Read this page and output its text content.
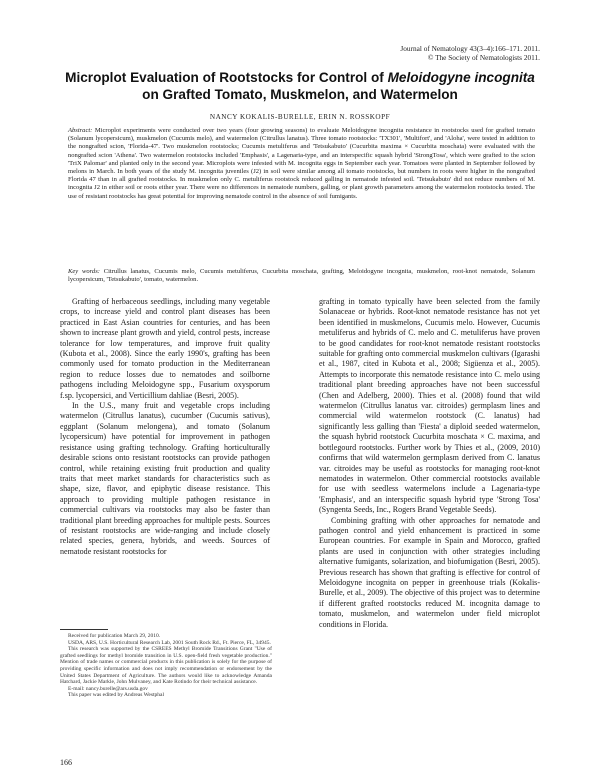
Journal of Nematology 43(3–4):166–171. 2011.
© The Society of Nematologists 2011.
Microplot Evaluation of Rootstocks for Control of Meloidogyne incognita
on Grafted Tomato, Muskmelon, and Watermelon
NANCY KOKALIS-BURELLE, ERIN N. ROSSKOPF
Abstract: Microplot experiments were conducted over two years (four growing seasons) to evaluate Meloidogyne incognita resistance in rootstocks used for grafted tomato (Solanum lycopersicum), muskmelon (Cucumis melo), and watermelon (Citrullus lanatus). Three tomato rootstocks: 'TX301', 'Multifort', and 'Aloha', were tested in addition to the nongrafted scion, 'Florida-47'. Two muskmelon rootstocks; Cucumis metuliferus and 'Tetsukabuto' (Cucurbita maxima × Cucurbita moschata) were evaluated with the nongrafted scion 'Athena'. Two watermelon rootstocks included 'Emphasis', a Lagenaria-type, and an interspecific squash hybrid 'StrongTosa', which were grafted to the scion 'TriX Palomar' and planted only in the second year. Microplots were infested with M. incognita eggs in September each year. Tomatoes were planted in September followed by melons in March. In both years of the study M. incognita juveniles (J2) in soil were similar among all tomato rootstocks, but numbers in roots were higher in the nongrafted Florida 47 than in all grafted rootstocks. In muskmelon only C. metuliferus rootstock reduced galling in nematode infested soil. 'Tetsukabuto' did not reduce numbers of M. incognita J2 in either soil or roots either year. There were no differences in nematode numbers, galling, or plant growth parameters among the watermelon rootstocks tested. The use of resistant rootstocks has great potential for improving nematode control in the absence of soil fumigants.
Key words: Citrullus lanatus, Cucumis melo, Cucumis metuliferus, Cucurbita moschata, grafting, Meloidogyne incognita, muskmelon, root-knot nematode, Solanum lycopersicum, 'Tetsukabuto', tomato, watermelon.

Grafting of herbaceous seedlings, including many vegetable crops, to increase yield and control plant diseases has been practiced in East Asian countries for centuries, and has been shown to increase plant growth and yield, control pests, increase tolerance for low temperatures, and improve fruit quality (Kubota et al., 2008). Since the early 1990's, grafting has been commonly used for tomato production in the Mediterranean region to reduce losses due to nematodes and soilborne pathogens including Meloidogyne spp., Fusarium oxysporum f.sp. lycopersici, and Verticillium dahliae (Besri, 2005).

In the U.S., many fruit and vegetable crops including watermelon (Citrullus lanatus), cucumber (Cucumis sativus), eggplant (Solanum melongena), and tomato (Solanum lycopersicum) have potential for improvement in pathogen resistance using grafting technology. Grafting horticulturally desirable scions onto resistant rootstocks can provide pathogen control, while retaining existing fruit production and quality traits that meet market standards for characteristics such as shape, size, flavor, and epiphytic disease resistance. This approach to providing multiple pathogen resistance in commercial cultivars via rootstocks may also be faster than traditional plant breeding approaches for multiple pests. Sources of resistant rootstocks are wide-ranging and include closely related species, genera, hybrids, and weeds. Sources of nematode resistant rootstocks for

grafting in tomato typically have been selected from the family Solanaceae or hybrids. Root-knot nematode resistance has not yet been identified in muskmelons, Cucumis melo. However, Cucumis metuliferus and hybrids of C. melo and C. metuliferus have proven to be good candidates for root-knot nematode resistant rootstocks suitable for grafting onto commercial muskmelon cultivars (Igarashi et al., 1987, cited in Kubota et al., 2008; Sigüenza et al., 2005). Attempts to incorporate this nematode resistance into C. melo using traditional plant breeding approaches have not been successful (Chen and Adelberg, 2000). Thies et al. (2008) found that wild watermelon (Citrullus lanatus var. citroides) germplasm lines and commercial wild watermelon rootstock (C. lanatus) had significantly less galling than 'Fiesta' a diploid seeded watermelon, the squash hybrid rootstock Cucurbita moschata × C. maxima, and bottlegourd rootstocks. Further work by Thies et al., (2009, 2010) confirms that wild watermelon germplasm derived from C. lanatus var. citroides may be useful as rootstocks for managing root-knot nematodes in watermelon. Other commercial rootstocks available for use with seedless watermelons include a Lagenaria-type 'Emphasis', and an interspecific squash hybrid type 'Strong Tosa' (Syngenta Seeds, Inc., Rogers Brand Vegetable Seeds).

Combining grafting with other approaches for nematode and pathogen control and yield enhancement is practiced in some European countries. For example in Spain and Morocco, grafted plants are used in conjunction with other strategies including alternative fumigants, solarization, and biofumigation (Besri, 2005). Previous research has shown that grafting is effective for control of Meloidogyne incognita on pepper in greenhouse trials (Kokalis-Burelle, et al., 2009). The objective of this project was to determine if different grafted rootstocks reduced M. incognita damage to tomato, muskmelon, and watermelon under field microplot conditions in Florida.

Received for publication March 29, 2010.
USDA, ARS, U.S. Horticultural Research Lab, 2001 South Rock Rd., Ft. Pierce, FL, 34945.
This research was supported by the CSREES Methyl Bromide Transitions Grant "Use of grafted seedlings for methyl bromide transition in U.S. open-field fresh vegetable production." Mention of trade names or commercial products in this publication is solely for the purpose of providing specific information and does not imply recommendation or endorsement by the United States Department of Agriculture. The authors would like to acknowledge Amanda Hatchard, Jackie Markle, John Mulvaney, and Kate Rotindo for their technical assistance.
E-mail: nancy.burelle@ars.usda.gov
This paper was edited by Andreas Westphal
166
